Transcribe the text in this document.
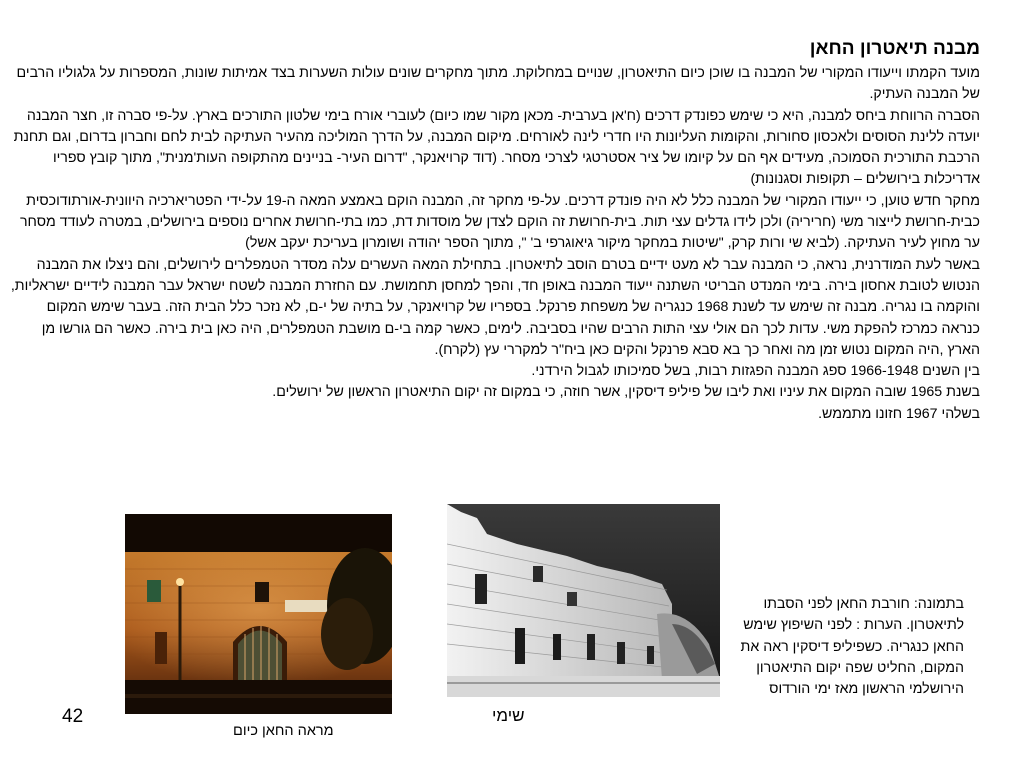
מבנה תיאטרון החאן

מועד הקמתו וייעודו המקורי של המבנה בו שוכן כיום התיאטרון, שנויים במחלוקת. מתוך מחקרים שונים עולות השערות בצד אמיתות שונות, המספרות על גלגוליו הרבים של המבנה העתיק.

הסברה הרווחת ביחס למבנה, היא כי שימש כפונדק דרכים (ח'אן בערבית- מכאן מקור שמו כיום) לעוברי אורח בימי שלטון התורכים בארץ. על-פי סברה זו, חצר המבנה יועדה ללינת הסוסים ולאכסון סחורות, והקומות העליונות היו חדרי לינה לאורחים. מיקום המבנה, על הדרך המוליכה מהעיר העתיקה לבית לחם וחברון בדרום, וגם תחנת הרכבת התורכית הסמוכה, מעידים אף הם על קיומו של ציר אסטרטגי לצרכי מסחר. (דוד קרויאנקר, "דרום העיר- בניינים מהתקופה העות'מנית", מתוך קובץ ספריו אדריכלות בירושלים – תקופות וסגנונות)

מחקר חדש טוען, כי ייעודו המקורי של המבנה כלל לא היה פונדק דרכים. על-פי מחקר זה, המבנה הוקם באמצע המאה ה-19 על-ידי הפטריארכיה היוונית-אורתודוכסית כבית-חרושת לייצור משי (חריריה) ולכן לידו גדלים עצי תות. בית-חרושת זה הוקם לצדן של מוסדות דת, כמו בתי-חרושת אחרים נוספים בירושלים, במטרה לעודד מסחר ער מחוץ לעיר העתיקה. (לביא שי ורות קרק, "שיטות במחקר מיקור גיאוגרפי ב' ", מתוך הספר יהודה ושומרון בעריכת יעקב אשל)

באשר לעת המודרנית, נראה, כי המבנה עבר לא מעט ידיים בטרם הוסב לתיאטרון. בתחילת המאה העשרים עלה מסדר הטמפלרים לירושלים, והם ניצלו את המבנה הנטוש לטובת אחסון בירה. בימי המנדט הבריטי השתנה ייעוד המבנה באופן חד, והפך למחסן תחמושת. עם החזרת המבנה לשטח ישראל עבר המבנה לידיים ישראליות, והוקמה בו נגריה. מבנה זה שימש עד לשנת 1968 כנגריה של משפחת פרנקל. בספריו של קרויאנקר, על בתיה של י-ם, לא נזכר כלל הבית הזה. בעבר שימש המקום כנראה כמרכז להפקת משי. עדות לכך הם אולי עצי התות הרבים שהיו בסביבה. לימים, כאשר קמה בי-ם מושבת הטמפלרים, היה כאן בית בירה. כאשר הם גורשו מן הארץ ,היה המקום נטוש זמן מה ואחר כך בא סבא פרנקל והקים כאן ביח"ר למקררי עץ (לקרח).

בין השנים 1966-1948 ספג המבנה הפגזות רבות, בשל סמיכותו לגבול הירדני.

בשנת 1965 שובה המקום את עיניו ואת ליבו של פיליפ דיסקין, אשר חוזה, כי במקום זה יקום התיאטרון הראשון של ירושלים.

בשלהי 1967 חזונו מתממש.

בתמונה: חורבת החאן לפני הסבתו לתיאטרון. הערות : לפני השיפוץ שימש החאן כנגריה. כשפיליפ דיסקין ראה את המקום, החליט שפה יקום התיאטרון הירושלמי הראשון מאז ימי הורדוס
שימי
מראה החאן כיום
42
